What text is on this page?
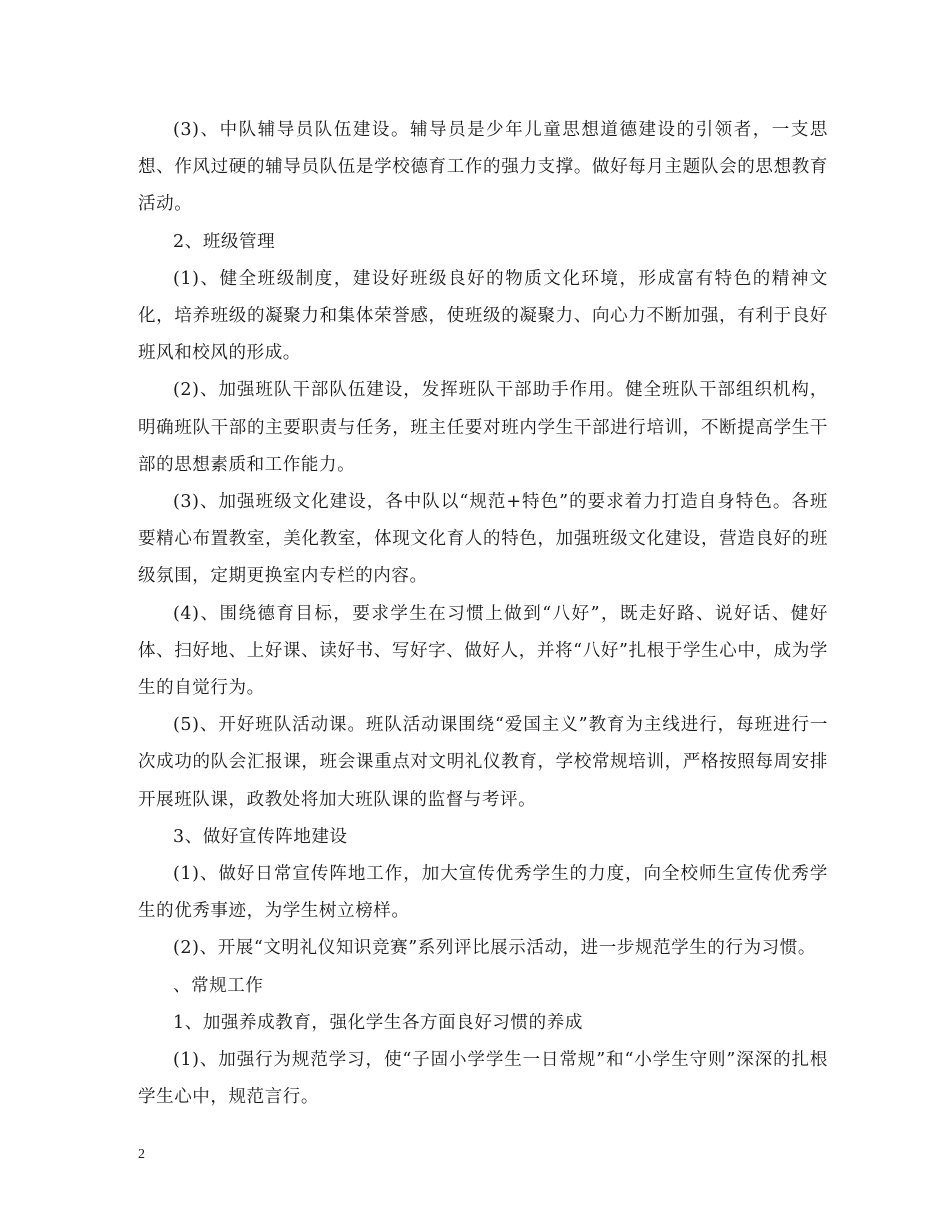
(3)、中队辅导员队伍建设。辅导员是少年儿童思想道德建设的引领者，一支思想、作风过硬的辅导员队伍是学校德育工作的强力支撑。做好每月主题队会的思想教育活动。

2、班级管理

(1)、健全班级制度，建设好班级良好的物质文化环境，形成富有特色的精神文化，培养班级的凝聚力和集体荣誉感，使班级的凝聚力、向心力不断加强，有利于良好班风和校风的形成。

(2)、加强班队干部队伍建设，发挥班队干部助手作用。健全班队干部组织机构，明确班队干部的主要职责与任务，班主任要对班内学生干部进行培训，不断提高学生干部的思想素质和工作能力。

(3)、加强班级文化建设，各中队以“规范+特色”的要求着力打造自身特色。各班要精心布置教室，美化教室，体现文化育人的特色，加强班级文化建设，营造良好的班级氛围，定期更换室内专栏的内容。

(4)、围绕德育目标，要求学生在习惯上做到“八好”，既走好路、说好话、健好体、扫好地、上好课、读好书、写好字、做好人，并将“八好”扎根于学生心中，成为学生的自觉行为。

(5)、开好班队活动课。班队活动课围绕“爱国主义”教育为主线进行，每班进行一次成功的队会汇报课，班会课重点对文明礼仪教育，学校常规培训，严格按照每周安排开展班队课，政教处将加大班队课的监督与考评。

3、做好宣传阵地建设

(1)、做好日常宣传阵地工作，加大宣传优秀学生的力度，向全校师生宣传优秀学生的优秀事迹，为学生树立榜样。

(2)、开展“文明礼仪知识竞赛”系列评比展示活动，进一步规范学生的行为习惯。

、常规工作

1、加强养成教育，强化学生各方面良好习惯的养成

(1)、加强行为规范学习，使“子固小学学生一日常规”和“小学生守则”深深的扎根学生心中，规范言行。

2
